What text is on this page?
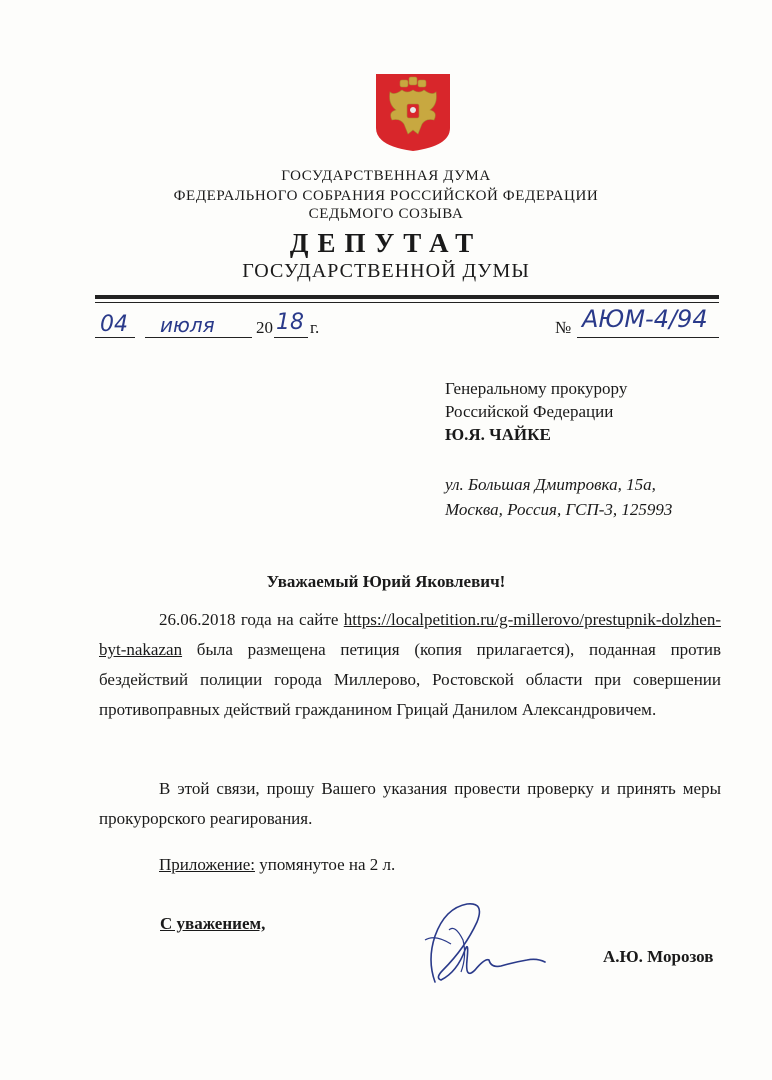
ГОСУДАРСТВЕННАЯ ДУМА
ФЕДЕРАЛЬНОГО СОБРАНИЯ РОССИЙСКОЙ ФЕДЕРАЦИИ
СЕДЬМОГО СОЗЫВА
ДЕПУТАТ
ГОСУДАРСТВЕННОЙ ДУМЫ
04 июля 20 18 г.	№ АЮМ-4/94
Генеральному прокурору
Российской Федерации
Ю.Я. ЧАЙКЕ
ул. Большая Дмитровка, 15а,
Москва, Россия, ГСП-3, 125993
Уважаемый Юрий Яковлевич!
26.06.2018 года на сайте https://localpetition.ru/g-millerovo/prestupnik-dolzhen-byt-nakazan была размещена петиция (копия прилагается), поданная против бездействий полиции города Миллерово, Ростовской области при совершении противоправных действий гражданином Грицай Данилом Александровичем.
В этой связи, прошу Вашего указания провести проверку и принять меры прокурорского реагирования.
Приложение: упомянутое на 2 л.
С уважением,
А.Ю. Морозов
